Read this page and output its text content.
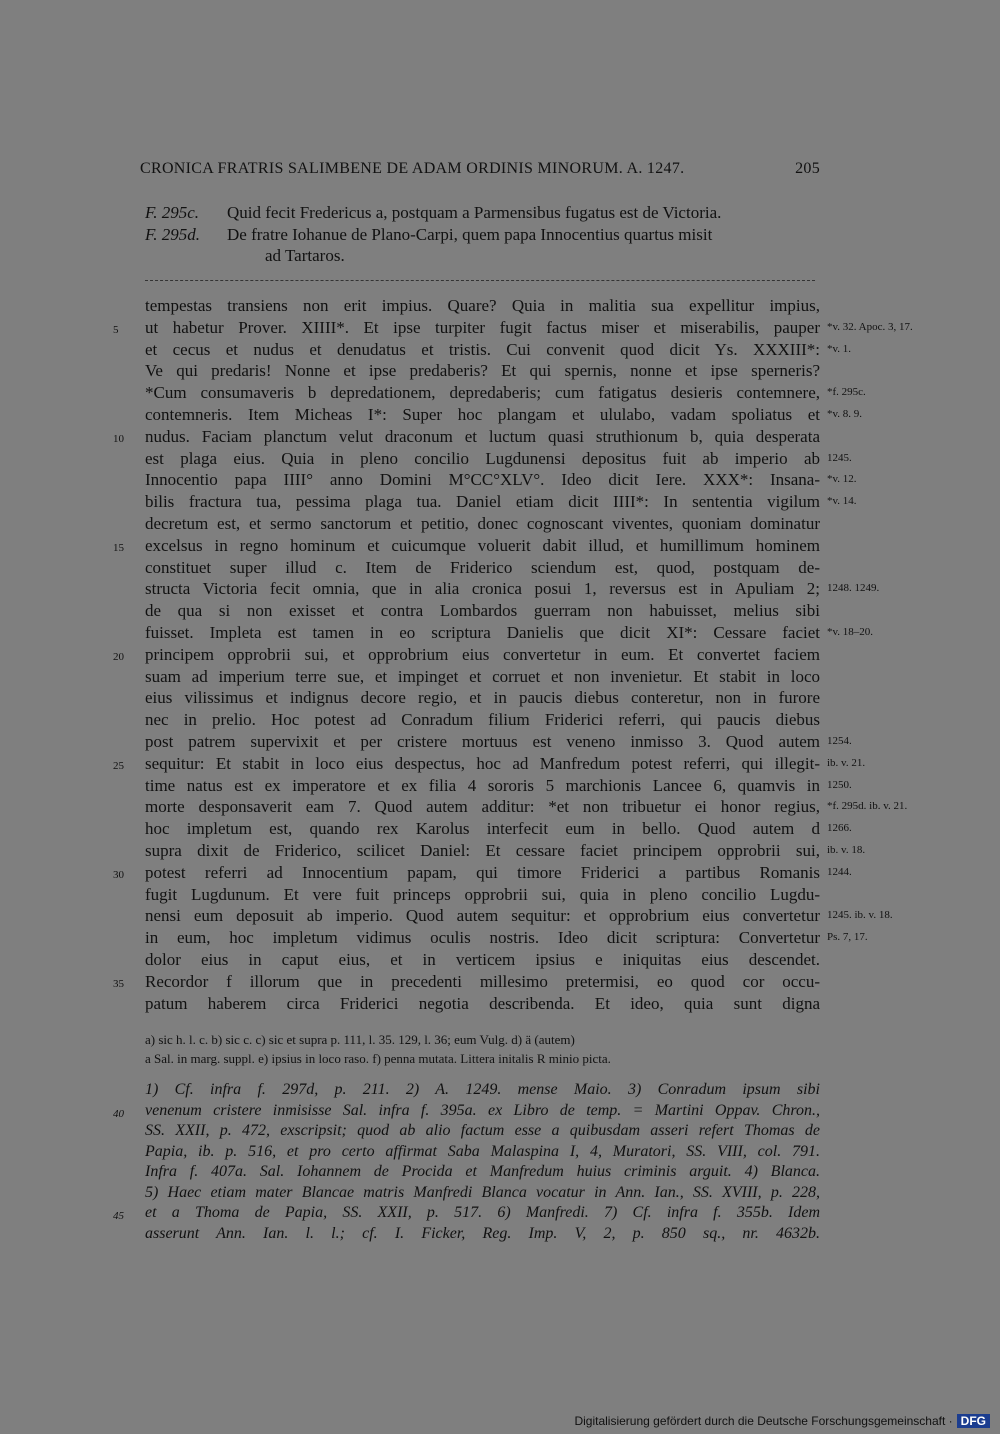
CRONICA FRATRIS SALIMBENE DE ADAM ORDINIS MINORUM. A. 1247.	205
F. 295c. Quid fecit Fredericus a, postquam a Parmensibus fugatus est de Victoria.
F. 295d. De fratre Iohanue de Plano-Carpi, quem papa Innocentius quartus misit
ad Tartaros.
tempestas transiens non erit impius. Quare? Quia in malitia sua expellitur impius,
ut habetur Prover. XIIII*. Et ipse turpiter fugit factus miser et miserabilis, pauper
5	*v. 32. Apoc. 3, 17.
et cecus et nudus et denudatus et tristis. Cui convenit quod dicit Ys. XXXIII*: *v. 1.
Ve qui predaris! Nonne et ipse predaberis? Et qui spernis, nonne et ipse sperneris?
*Cum consumaveris b depredationem, depredaberis; cum fatigatus desieris contemnere, *f. 295c.
contemneris. Item Micheas I*: Super hoc plangam et ululabo, vadam spoliatus et *v. 8. 9.
nudus. Faciam planctum velut draconum et luctum quasi struthionum b, quia desperata
10
est plaga eius. Quia in pleno concilio Lugdunensi depositus fuit ab imperio ab 1245.
Innocentio papa IIII° anno Domini M°CC°XLV°. Ideo dicit Iere. XXX*: Insana- *v. 12.
bilis fractura tua, pessima plaga tua. Daniel etiam dicit IIII*: In sententia vigilum *v. 14.
decretum est, et sermo sanctorum et petitio, donec cognoscant viventes, quoniam dominatur
excelsus in regno hominum et cuicumque voluerit dabit illud, et humillimum hominem
15
constituet super illud c. Item de Friderico sciendum est, quod, postquam de-
structa Victoria fecit omnia, que in alia cronica posui 1, reversus est in Apuliam 2; 1248. 1249.
de qua si non exisset et contra Lombardos guerram non habuisset, melius sibi
fuisset. Impleta est tamen in eo scriptura Danielis que dicit XI*: Cessare faciet *v. 18–20.
principem opprobrii sui, et opprobrium eius convertetur in eum. Et convertet faciem
20
suam ad imperium terre sue, et impinget et corruet et non invenietur. Et stabit in loco
eius vilissimus et indignus decore regio, et in paucis diebus conteretur, non in furore
nec in prelio. Hoc potest ad Conradum filium Friderici referri, qui paucis diebus
post patrem supervixit et per cristere mortuus est veneno inmisso 3. Quod autem 1254.
sequitur: Et stabit in loco eius despectus, hoc ad Manfredum potest referri, qui illegit-
25	ib. v. 21.
time natus est ex imperatore et ex filia 4 sororis 5 marchionis Lancee 6, quamvis in 1250.
morte desponsaverit eam 7. Quod autem additur: *et non tribuetur ei honor regius, *f. 295d. ib. v. 21.
hoc impletum est, quando rex Karolus interfecit eum in bello. Quod autem d 1266.
supra dixit de Friderico, scilicet Daniel: Et cessare faciet principem opprobrii sui, ib. v. 18.
potest referri ad Innocentium papam, qui timore Friderici a partibus Romanis
30	1244.
fugit Lugdunum. Et vere fuit princeps opprobrii sui, quia in pleno concilio Lugdu-
nensi eum deposuit ab imperio. Quod autem sequitur: et opprobrium eius convertetur 1245. ib. v. 18.
in eum, hoc impletum vidimus oculis nostris. Ideo dicit scriptura: Convertetur Ps. 7, 17.
dolor eius in caput eius, et in verticem ipsius e iniquitas eius descendet.
Recordor f illorum que in precedenti millesimo pretermisi, eo quod cor occu-
35
patum haberem circa Friderici negotia describenda. Et ideo, quia sunt digna
a) sic h. l. c. b) sic c. c) sic et supra p. 111, l. 35. 129, l. 36; eum Vulg. d) ä (autem)
a Sal. in marg. suppl. e) ipsius in loco raso. f) penna mutata. Littera initalis R minio picta.
1) Cf. infra f. 297d, p. 211. 2) A. 1249. mense Maio. 3) Conradum ipsum sibi
venenum cristere inmisisse Sal. infra f. 395a. ex Libro de temp. = Martini Oppav. Chron.,
40
SS. XXII, p. 472, exscripsit; quod ab alio factum esse a quibusdam asseri refert Thomas de
Papia, ib. p. 516, et pro certo affirmat Saba Malaspina I, 4, Muratori, SS. VIII, col. 791.
Infra f. 407a. Sal. Iohannem de Procida et Manfredum huius criminis arguit. 4) Blanca.
5) Haec etiam mater Blancae matris Manfredi Blanca vocatur in Ann. Ian., SS. XVIII, p. 228,
et a Thoma de Papia, SS. XXII, p. 517. 6) Manfredi. 7) Cf. infra f. 355b. Idem
45
asserunt Ann. Ian. l. l.; cf. I. Ficker, Reg. Imp. V, 2, p. 850 sq., nr. 4632b.
Digitalisierung gefördert durch die Deutsche Forschungsgemeinschaft · DFG
